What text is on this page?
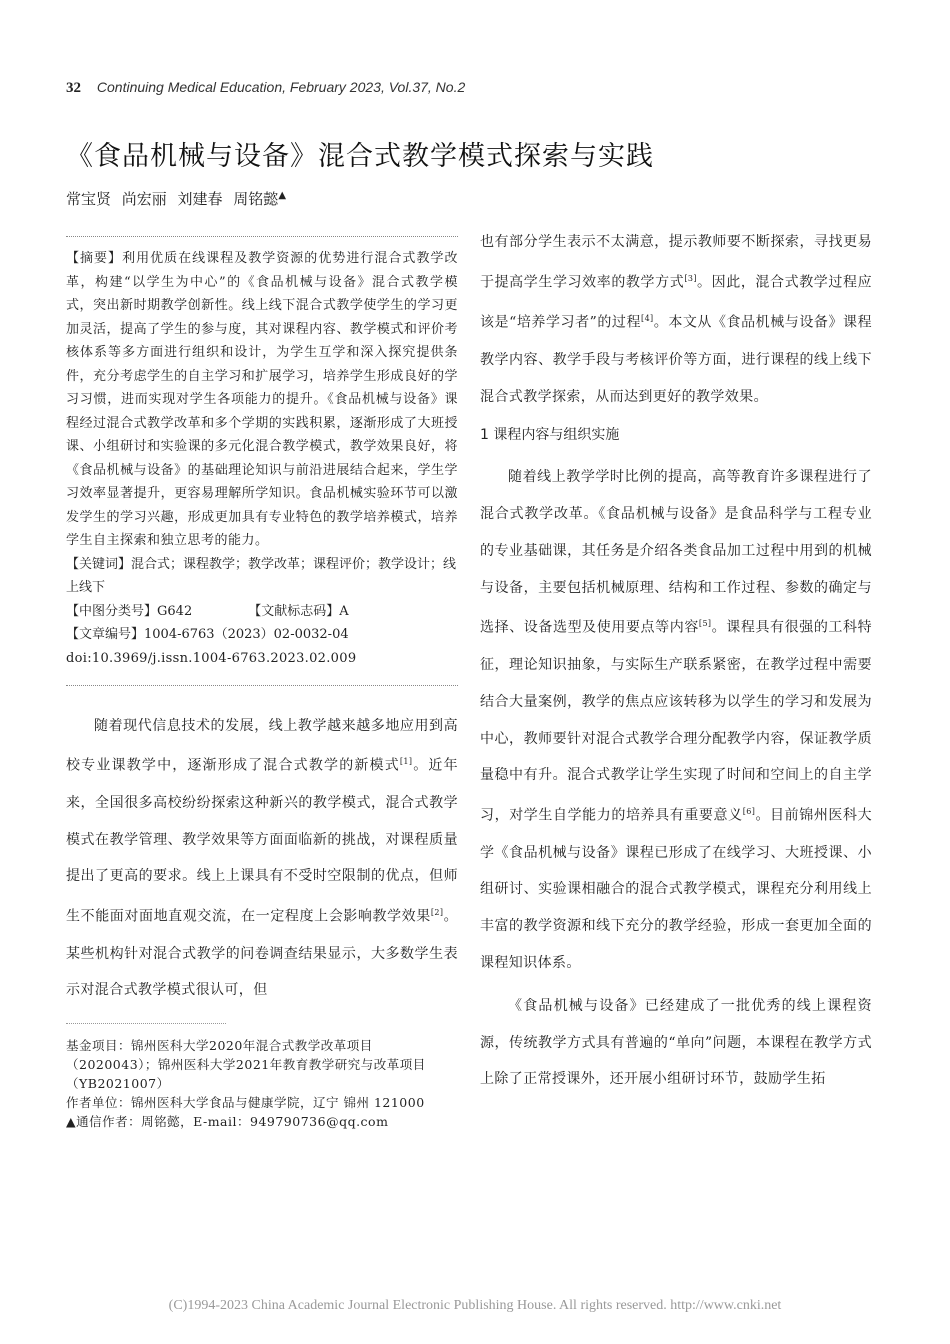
32 Continuing Medical Education, February 2023, Vol.37, No.2
《食品机械与设备》混合式教学模式探索与实践
常宝贤 尚宏丽 刘建春 周铭懿▲
【摘要】利用优质在线课程及教学资源的优势进行混合式教学改革，构建“以学生为中心”的《食品机械与设备》混合式教学模式，突出新时期教学创新性。线上线下混合式教学使学生的学习更加灵活，提高了学生的参与度，其对课程内容、教学模式和评价考核体系等多方面进行组织和设计，为学生互学和深入探究提供条件，充分考虑学生的自主学习和扩展学习，培养学生形成良好的学习习惯，进而实现对学生各项能力的提升。《食品机械与设备》课程经过混合式教学改革和多个学期的实践积累，逐渐形成了大班授课、小组研讨和实验课的多元化混合教学模式，教学效果良好，将《食品机械与设备》的基础理论知识与前沿进展结合起来，学生学习效率显著提升，更容易理解所学知识。食品机械实验环节可以激发学生的学习兴趣，形成更加具有专业特色的教学培养模式，培养学生自主探索和独立思考的能力。
【关键词】混合式；课程教学；教学改革；课程评价；教学设计；线上线下
【中图分类号】G642	【文献标志码】A
【文章编号】1004-6763（2023）02-0032-04
doi:10.3969/j.issn.1004-6763.2023.02.009

随着现代信息技术的发展，线上教学越来越多地应用到高校专业课教学中，逐渐形成了混合式教学的新模式[1]。近年来，全国很多高校纷纷探索这种新兴的教学模式，混合式教学模式在教学管理、教学效果等方面面临新的挑战，对课程质量提出了更高的要求。线上上课具有不受时空限制的优点，但师生不能面对面地直观交流，在一定程度上会影响教学效果[2]。某些机构针对混合式教学的问卷调查结果显示，大多数学生表示对混合式教学模式很认可，但

基金项目：锦州医科大学2020年混合式教学改革项目（2020043）；锦州医科大学2021年教育教学研究与改革项目（YB2021007）
作者单位：锦州医科大学食品与健康学院，辽宁 锦州 121000
▲通信作者：周铭懿，E-mail：949790736@qq.com

也有部分学生表示不太满意，提示教师要不断探索，寻找更易于提高学生学习效率的教学方式[3]。因此，混合式教学过程应该是“培养学习者”的过程[4]。本文从《食品机械与设备》课程教学内容、教学手段与考核评价等方面，进行课程的线上线下混合式教学探索，从而达到更好的教学效果。

1 课程内容与组织实施

随着线上教学学时比例的提高，高等教育许多课程进行了混合式教学改革。《食品机械与设备》是食品科学与工程专业的专业基础课，其任务是介绍各类食品加工过程中用到的机械与设备，主要包括机械原理、结构和工作过程、参数的确定与选择、设备选型及使用要点等内容[5]。课程具有很强的工科特征，理论知识抽象，与实际生产联系紧密，在教学过程中需要结合大量案例，教学的焦点应该转移为以学生的学习和发展为中心，教师要针对混合式教学合理分配教学内容，保证教学质量稳中有升。混合式教学让学生实现了时间和空间上的自主学习，对学生自学能力的培养具有重要意义[6]。目前锦州医科大学《食品机械与设备》课程已形成了在线学习、大班授课、小组研讨、实验课相融合的混合式教学模式，课程充分利用线上丰富的教学资源和线下充分的教学经验，形成一套更加全面的课程知识体系。

《食品机械与设备》已经建成了一批优秀的线上课程资源，传统教学方式具有普遍的“单向”问题，本课程在教学方式上除了正常授课外，还开展小组研讨环节，鼓励学生拓

(C)1994-2023 China Academic Journal Electronic Publishing House. All rights reserved. http://www.cnki.net
